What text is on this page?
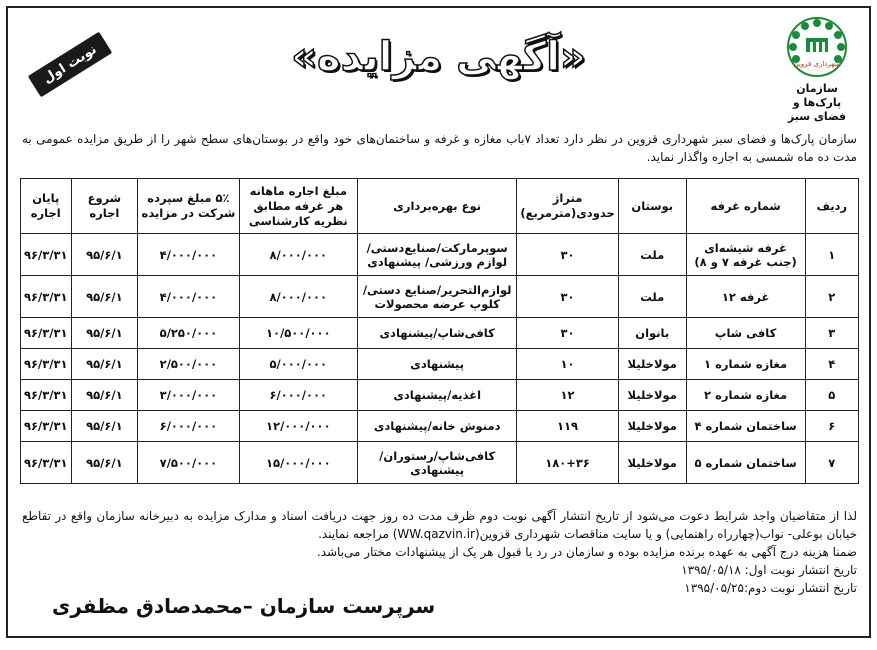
شهرداری قزوین
سازمان پارک‌ها و
فضای سبز
«آگهی مزایده»
نوبت اول
سازمان پارک‌ها و فضای سبز شهرداری قزوین در نظر دارد تعداد ۷باب مغازه و غرفه و ساختمان‌های خود واقع در بوستان‌های سطح شهر را از طریق مزایده عمومی به مدت ده ماه شمسی به اجاره واگذار نماید.
ردیف	شماره غرفه	بوستان	متراژ حدودی(مترمربع)	نوع بهره‌برداری	مبلغ اجاره ماهانه هر غرفه مطابق نظریه کارشناسی	۵٪ مبلغ سپرده شرکت در مزایده	شروع اجاره	پایان اجاره
۱	غرفه شیشه‌ای (جنب غرفه ۷ و ۸)	ملت	۳۰	سوپرمارکت/صنایع‌دستی/ لوازم ورزشی/ پیشنهادی	۸/۰۰۰/۰۰۰	۴/۰۰۰/۰۰۰	۹۵/۶/۱	۹۶/۳/۳۱
۲	غرفه ۱۲	ملت	۳۰	لوازم‌التحریر/صنایع دستی/ کلوپ عرضه محصولات	۸/۰۰۰/۰۰۰	۴/۰۰۰/۰۰۰	۹۵/۶/۱	۹۶/۳/۳۱
۳	کافی شاپ	بانوان	۳۰	کافی‌شاپ/پیشنهادی	۱۰/۵۰۰/۰۰۰	۵/۲۵۰/۰۰۰	۹۵/۶/۱	۹۶/۳/۳۱
۴	مغازه شماره ۱	مولاخلیلا	۱۰	پیشنهادی	۵/۰۰۰/۰۰۰	۲/۵۰۰/۰۰۰	۹۵/۶/۱	۹۶/۳/۳۱
۵	مغازه شماره ۲	مولاخلیلا	۱۲	اغذیه/پیشنهادی	۶/۰۰۰/۰۰۰	۳/۰۰۰/۰۰۰	۹۵/۶/۱	۹۶/۳/۳۱
۶	ساختمان شماره ۴	مولاخلیلا	۱۱۹	دمنوش خانه/پیشنهادی	۱۲/۰۰۰/۰۰۰	۶/۰۰۰/۰۰۰	۹۵/۶/۱	۹۶/۳/۳۱
۷	ساختمان شماره ۵	مولاخلیلا	۱۸۰+۳۶	کافی‌شاپ/رستوران/ پیشنهادی	۱۵/۰۰۰/۰۰۰	۷/۵۰۰/۰۰۰	۹۵/۶/۱	۹۶/۳/۳۱
لذا از متقاضیان واجد شرایط دعوت می‌شود از تاریخ انتشار آگهی نوبت دوم ظرف مدت ده روز جهت دریافت اسناد و مدارک مزایده به دبیرخانه سازمان واقع در تقاطع خیابان بوعلی- نواب(چهارراه راهنمایی) و یا سایت مناقصات شهرداری قزوین(WW.qazvin.ir) مراجعه نمایند.
ضمنا هزینه درج آگهی به عهده برنده مزایده بوده و سازمان در رد یا قبول هر یک از پیشنهادات مختار می‌باشد.
تاریخ انتشار نوبت اول: ۱۳۹۵/۰۵/۱۸
تاریخ انتشار نوبت دوم:۱۳۹۵/۰۵/۲۵
سرپرست سازمان –محمدصادق مظفری
